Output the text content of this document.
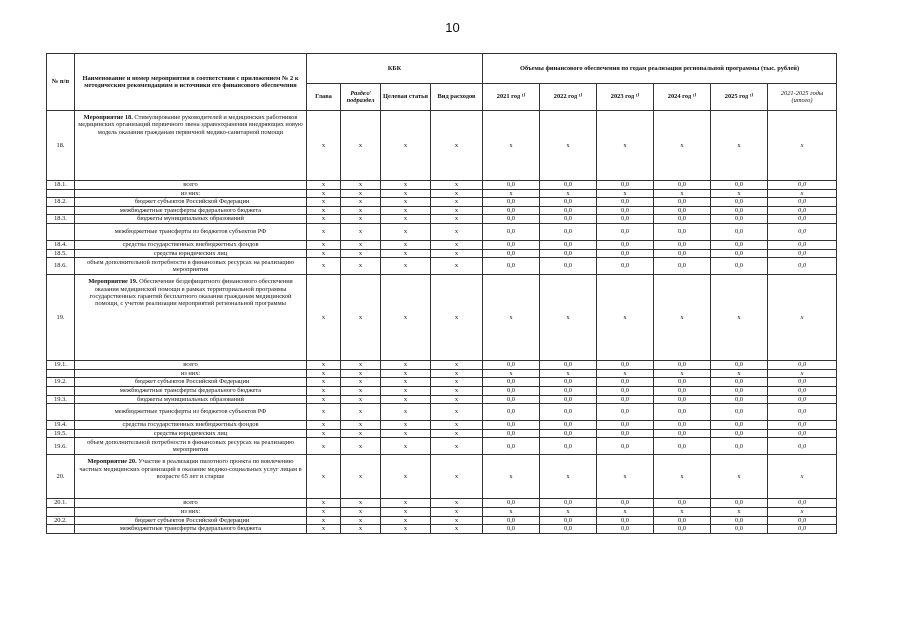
10
№ п/п	Наименование и номер мероприятия в соответствии с приложением № 2 к методическим рекомендациям и источники его финансового обеспечения	КБК				Объемы финансового обеспечения по годам реализации региональной программы (тыс. рублей)					
		Глава	Раздел/ подраздел	Целевая статья	Вид расходов	2021 год ¹⁾	2022 год ¹⁾	2023 год ¹⁾	2024 год ¹⁾	2025 год ¹⁾	2021-2025 годы (итого)
18.	Мероприятие 18. Стимулирование руководителей и медицинских работников медицинских организаций первичного звена здравоохранения внедряющих новую модель оказания гражданам первичной медико-санитарной помощи	x	x	x	x	x	x	x	x	x	x
18.1.	всего	x	x	x	x	0,0	0,0	0,0	0,0	0,0	0,0
	из них:	x	x	x	x	x	x	x	x	x	x
18.2.	бюджет субъектов Российской Федерации	x	x	x	x	0,0	0,0	0,0	0,0	0,0	0,0
	межбюджетные трансферты федерального бюджета	x	x	x	x	0,0	0,0	0,0	0,0	0,0	0,0
18.3.	бюджеты муниципальных образований	x	x	x	x	0,0	0,0	0,0	0,0	0,0	0,0
	межбюджетные трансферты из бюджетов субъектов РФ	x	x	x	x	0,0	0,0	0,0	0,0	0,0	0,0
18.4.	средства государственных внебюджетных фондов	x	x	x	x	0,0	0,0	0,0	0,0	0,0	0,0
18.5.	средства юридических лиц	x	x	x	x	0,0	0,0	0,0	0,0	0,0	0,0
18.6.	объем дополнительной потребности в финансовых ресурсах на реализацию мероприятия	x	x	x	x	0,0	0,0	0,0	0,0	0,0	0,0
19.	Мероприятие 19. Обеспечение бездефицитного финансового обеспечения оказания медицинской помощи в рамках территориальной программы государственных гарантий бесплатного оказания гражданам медицинской помощи, с учетом реализации мероприятий региональной программы	x	x	x	x	x	x	x	x	x	x
19.1.	всего	x	x	x	x	0,0	0,0	0,0	0,0	0,0	0,0
	из них:	x	x	x	x	x	x	x	x	x	x
19.2.	бюджет субъектов Российской Федерации	x	x	x	x	0,0	0,0	0,0	0,0	0,0	0,0
	межбюджетные трансферты федерального бюджета	x	x	x	x	0,0	0,0	0,0	0,0	0,0	0,0
19.3.	бюджеты муниципальных образований	x	x	x	x	0,0	0,0	0,0	0,0	0,0	0,0
	межбюджетные трансферты из бюджетов субъектов РФ	x	x	x	x	0,0	0,0	0,0	0,0	0,0	0,0
19.4.	средства государственных внебюджетных фондов	x	x	x	x	0,0	0,0	0,0	0,0	0,0	0,0
19.5.	средства юридических лиц	x	x	x	x	0,0	0,0	0,0	0,0	0,0	0,0
19.6.	объем дополнительной потребности в финансовых ресурсах на реализацию мероприятия	x	x	x	x	0,0	0,0	0,0	0,0	0,0	0,0
20.	Мероприятие 20. Участие в реализации пилотного проекта по вовлечению частных медицинских организаций в оказание медико-социальных услуг лицам в возрасте 65 лет и старше	x	x	x	x	x	x	x	x	x	x
20.1.	всего	x	x	x	x	0,0	0,0	0,0	0,0	0,0	0,0
	из них:	x	x	x	x	x	x	x	x	x	x
20.2.	бюджет субъектов Российской Федерации	x	x	x	x	0,0	0,0	0,0	0,0	0,0	0,0
	межбюджетные трансферты федерального бюджета	x	x	x	x	0,0	0,0	0,0	0,0	0,0	0,0
